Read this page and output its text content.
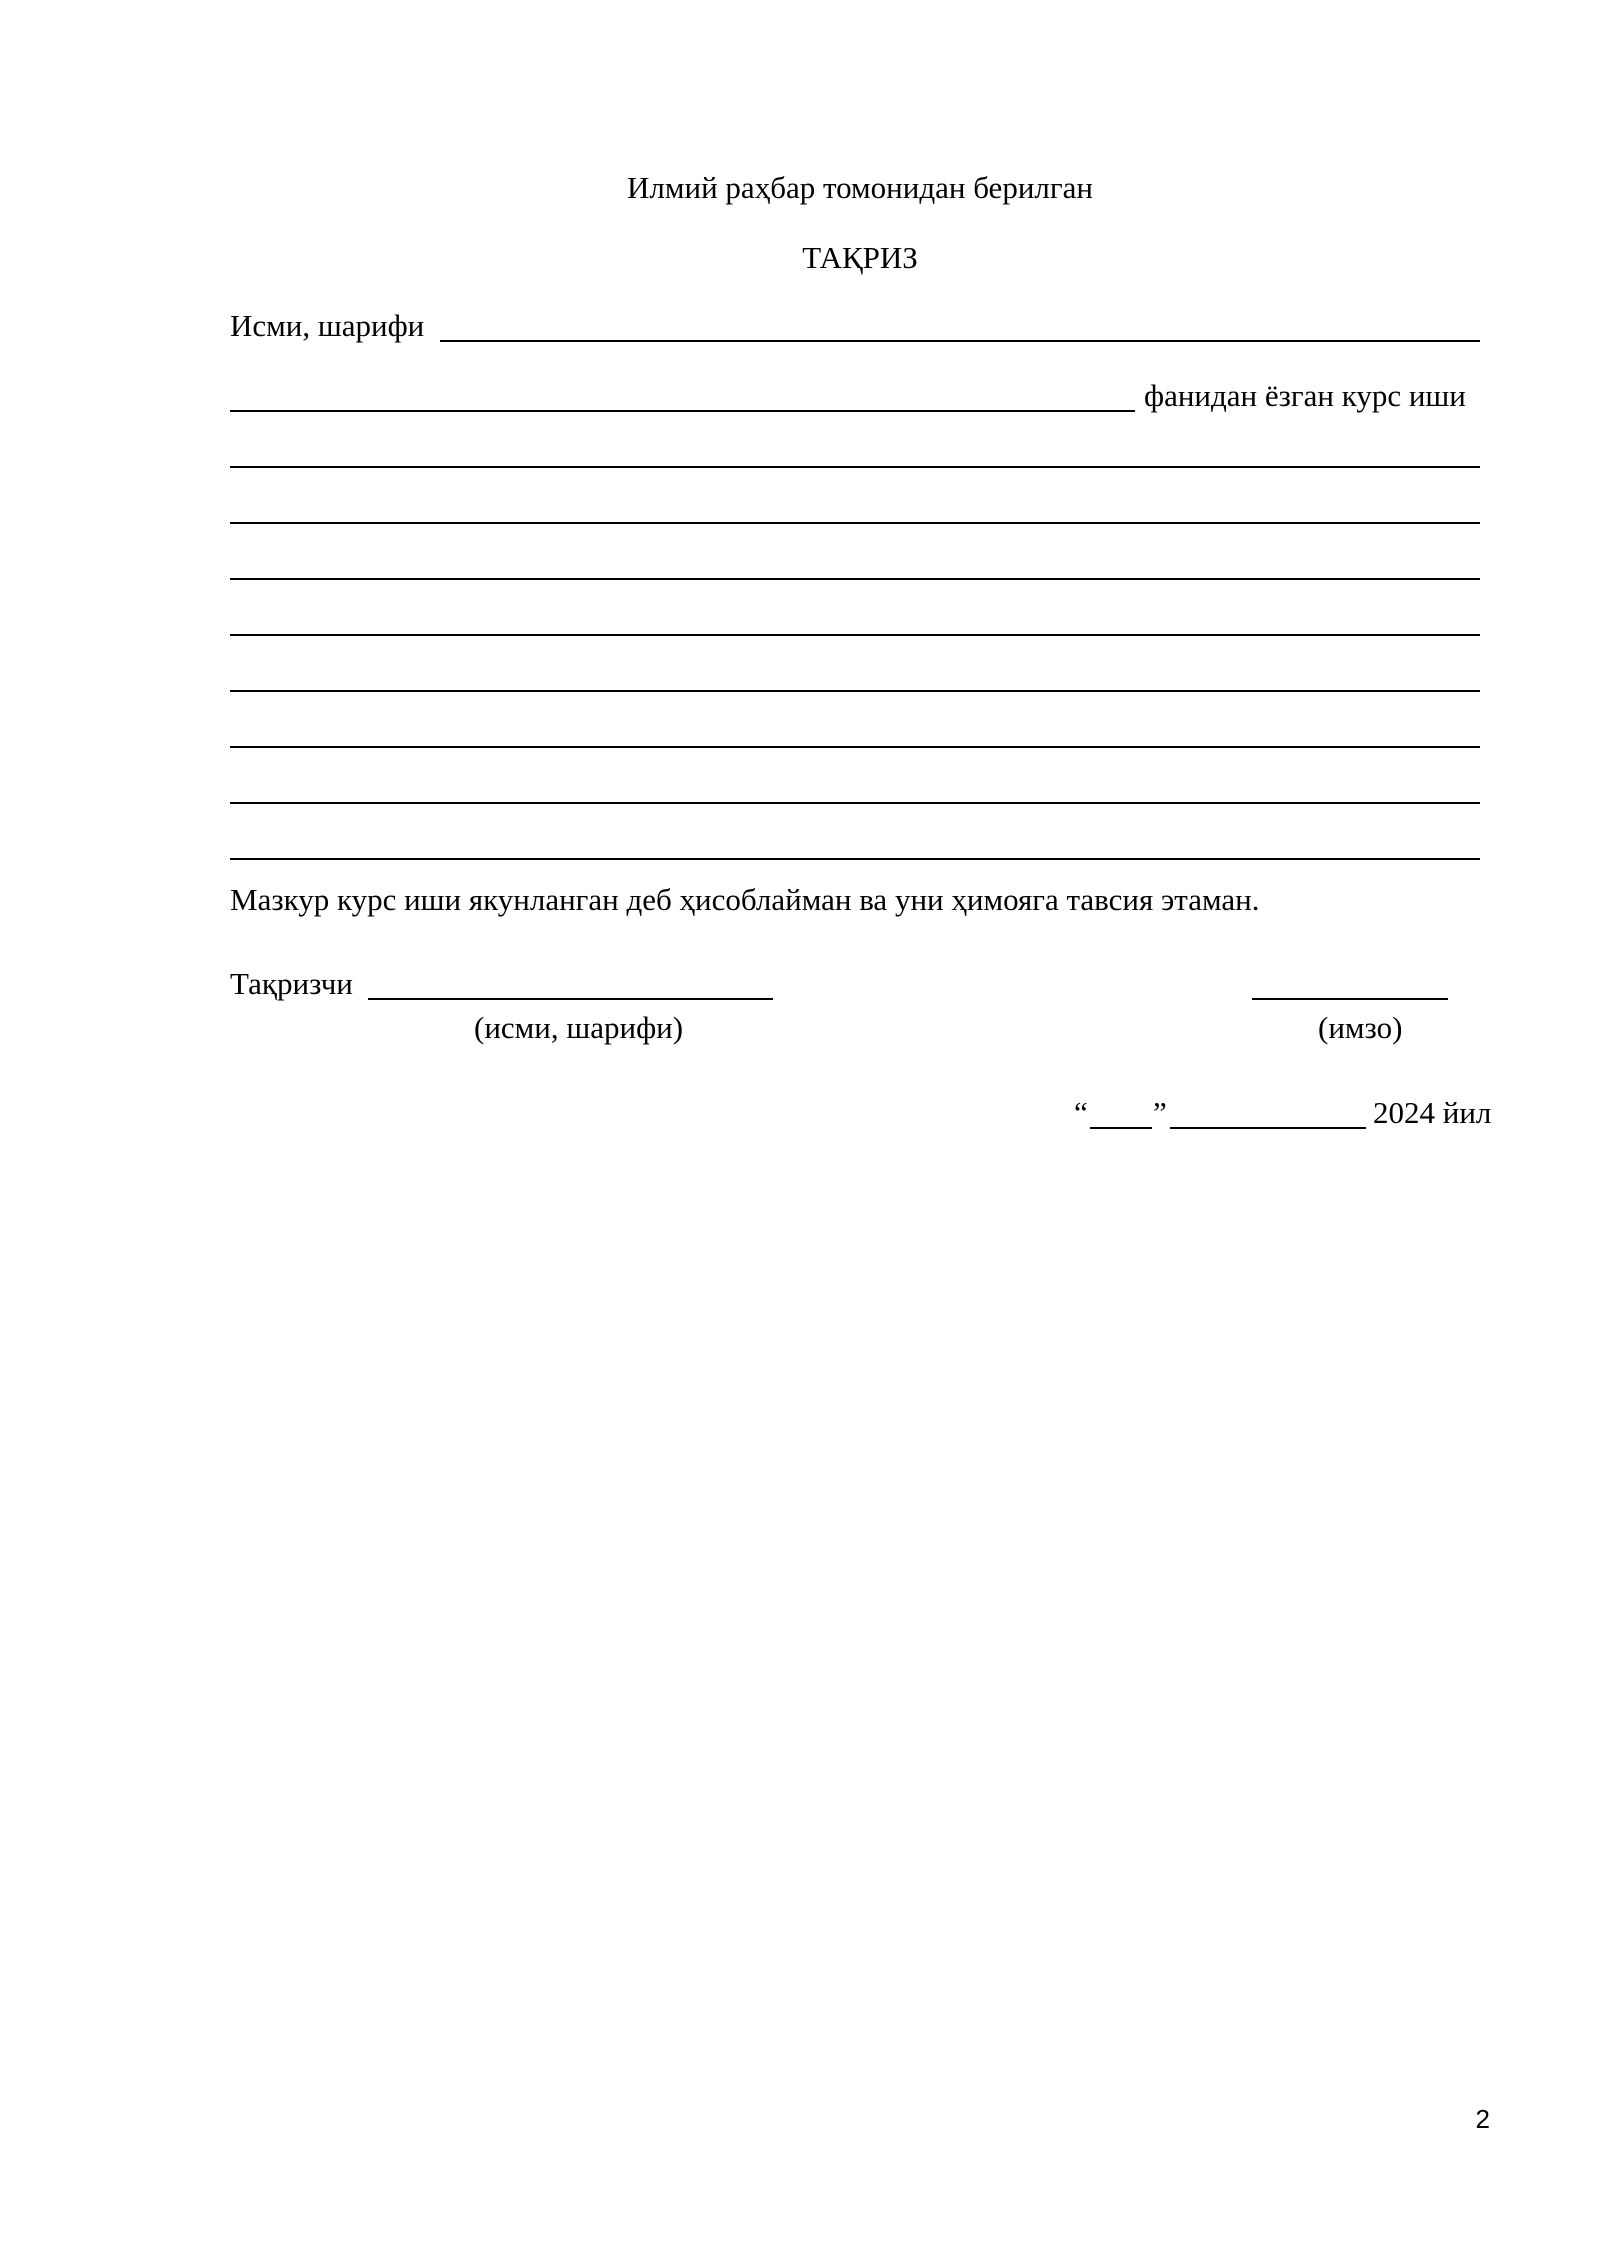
Илмий раҳбар томонидан берилган
ТАҚРИЗ
Исми, шарифи
фанидан ёзган курс иши
Мазкур курс иши якунланган деб ҳисоблайман ва уни ҳимояга тавсия этаман.
Тақризчи
(исми, шарифи)	(имзо)
“ ”	2024 йил
2
